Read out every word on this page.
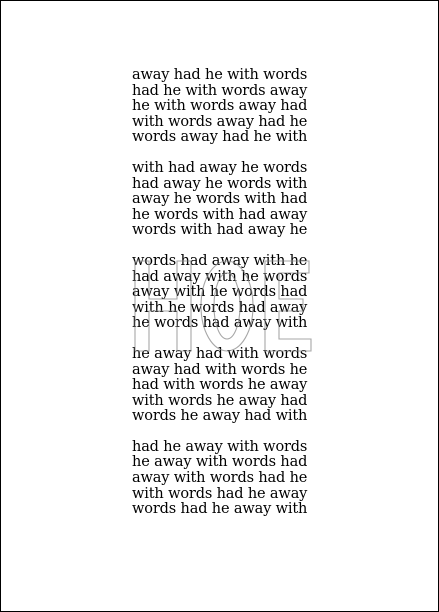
away had he with words
had he with words away
he with words away had
with words away had he
words away had he with
with had away he words
had away he words with
away he words with had
he words with had away
words with had away he
words had away with he
had away with he words
away with he words had
with he words had away
he words had away with
he away had with words
away had with words he
had with words he away
with words he away had
words he away had with
had he away with words
he away with words had
away with words had he
with words had he away
words had he away with
